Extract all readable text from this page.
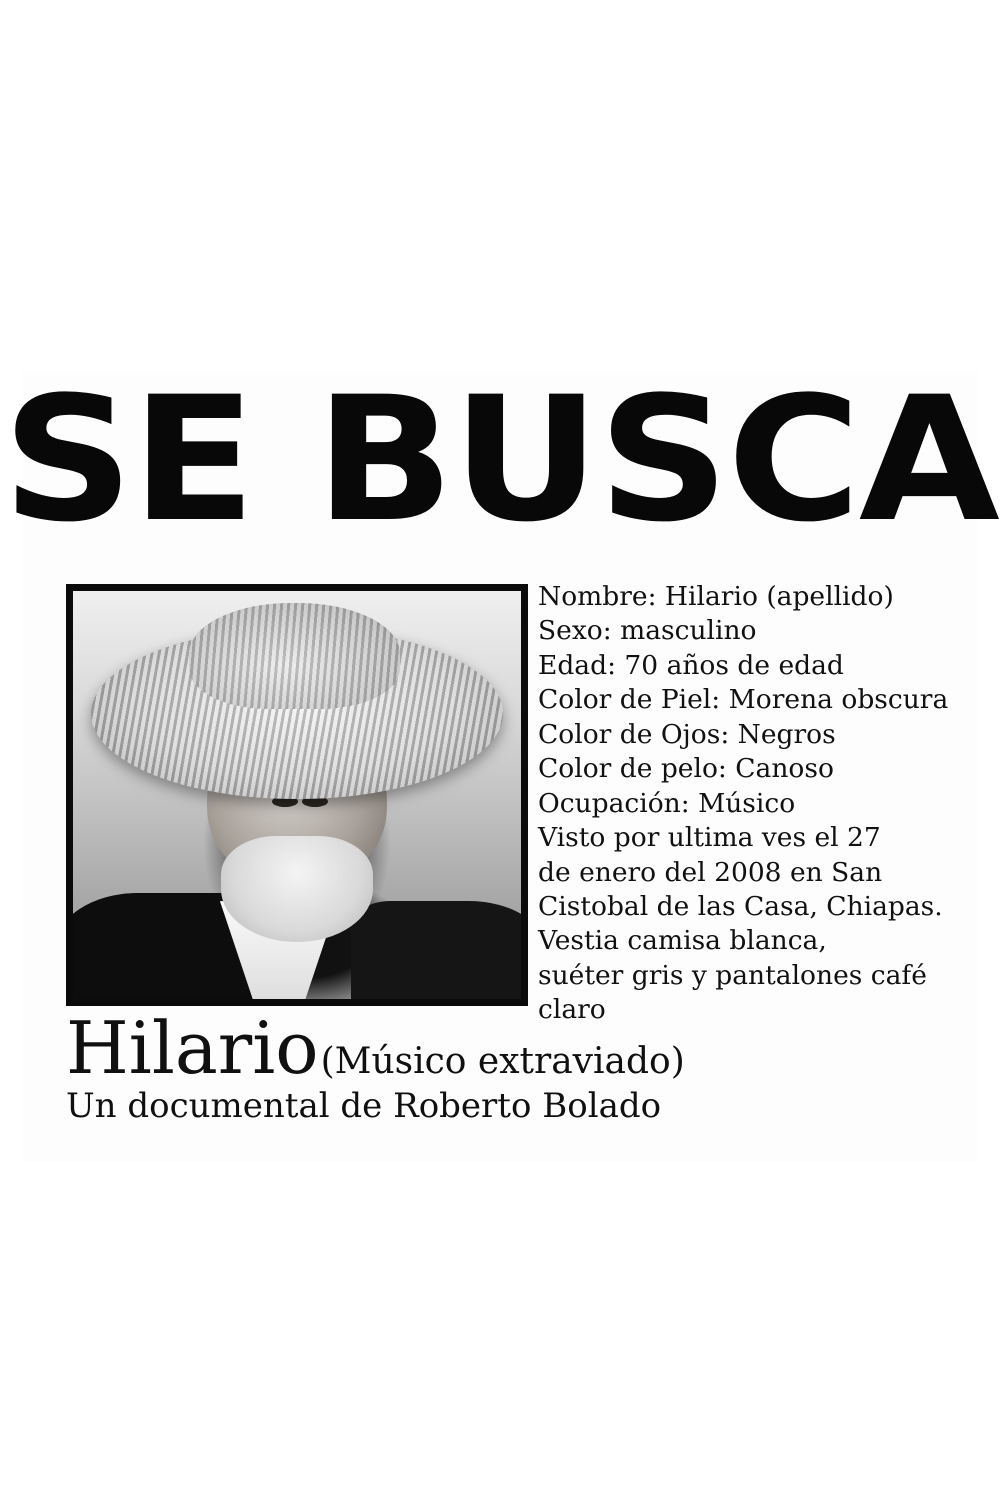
SE BUSCA

Nombre: Hilario (apellido)

Sexo: masculino

Edad: 70 años de edad

Color de Piel: Morena obscura

Color de Ojos: Negros

Color de pelo: Canoso

Ocupación: Músico

Visto por ultima ves el 27

de enero del 2008 en San

Cistobal de las Casa, Chiapas.

Vestia camisa blanca,

suéter gris y pantalones café

claro

Hilario (Músico extraviado)
Un documental de Roberto Bolado
